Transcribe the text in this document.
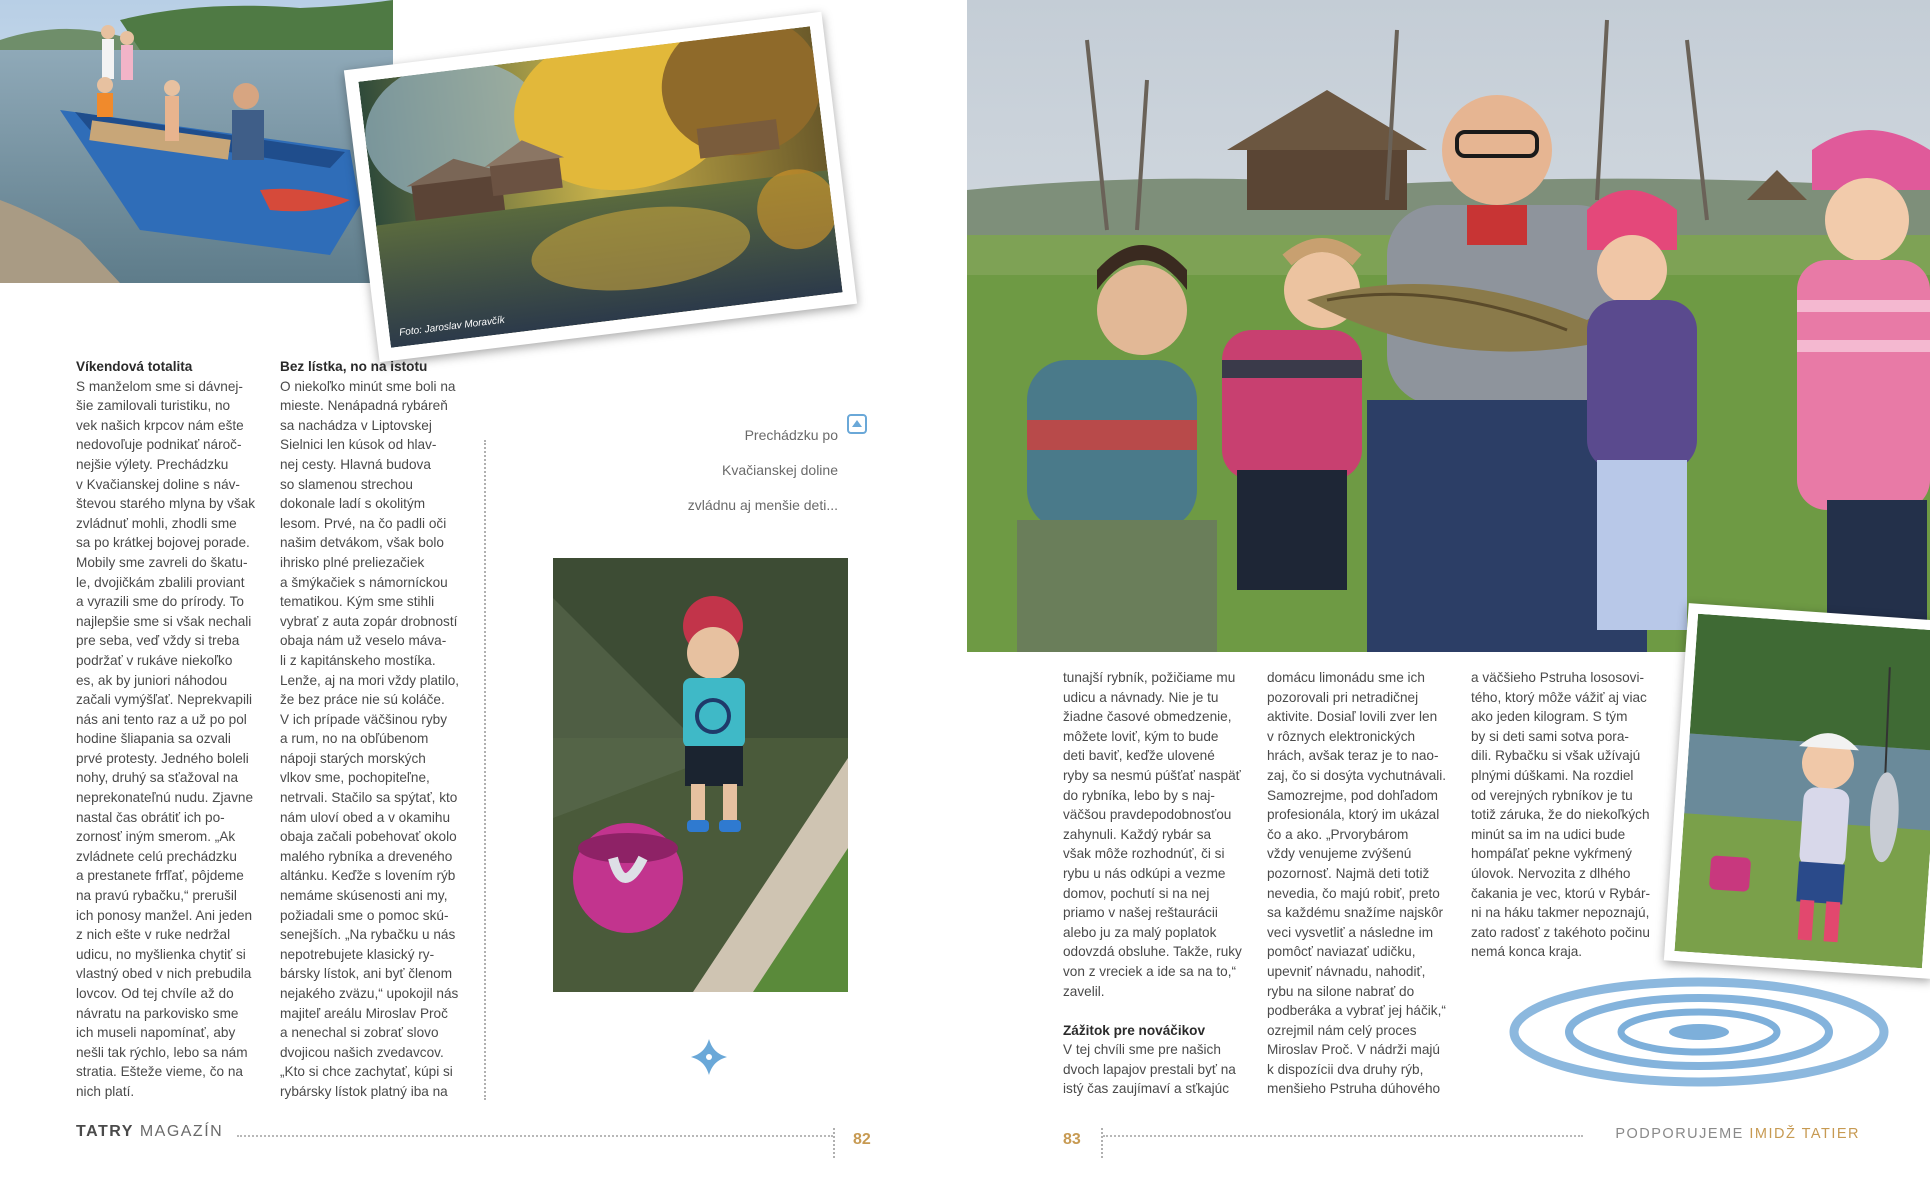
Foto: Jaroslav Moravčík
Víkendová totalita

S manželom sme si dávnej-

šie zamilovali turistiku, no

vek našich krpcov nám ešte

nedovoľuje podnikať nároč-

nejšie výlety. Prechádzku

v Kvačianskej doline s náv-

števou starého mlyna by však

zvládnuť mohli, zhodli sme

sa po krátkej bojovej porade.

Mobily sme zavreli do škatu-

le, dvojičkám zbalili proviant

a vyrazili sme do prírody. To

najlepšie sme si však nechali

pre seba, veď vždy si treba

podržať v rukáve niekoľko

es, ak by juniori náhodou

začali vymýšľať. Neprekvapili

nás ani tento raz a už po pol

hodine šliapania sa ozvali

prvé protesty. Jedného boleli

nohy, druhý sa sťažoval na

neprekonateľnú nudu. Zjavne

nastal čas obrátiť ich po-

zornosť iným smerom. „Ak

zvládnete celú prechádzku

a prestanete frfľať, pôjdeme

na pravú rybačku,“ prerušil

ich ponosy manžel. Ani jeden

z nich ešte v ruke nedržal

udicu, no myšlienka chytiť si

vlastný obed v nich prebudila

lovcov. Od tej chvíle až do

návratu na parkovisko sme

ich museli napomínať, aby

nešli tak rýchlo, lebo sa nám

stratia. Ešteže vieme, čo na

nich platí.

Bez lístka, no na istotu

O niekoľko minút sme boli na

mieste. Nenápadná rybáreň

sa nachádza v Liptovskej

Sielnici len kúsok od hlav-

nej cesty. Hlavná budova

so slamenou strechou

dokonale ladí s okolitým

lesom. Prvé, na čo padli oči

našim detvákom, však bolo

ihrisko plné preliezačiek

a šmýkačiek s námorníckou

tematikou. Kým sme stihli

vybrať z auta zopár drobností

obaja nám už veselo máva-

li z kapitánskeho mostíka.

Lenže, aj na mori vždy platilo,

že bez práce nie sú koláče.

V ich prípade väčšinou ryby

a rum, no na obľúbenom

nápoji starých morských

vlkov sme, pochopiteľne,

netrvali. Stačilo sa spýtať, kto

nám uloví obed a v okamihu

obaja začali pobehovať okolo

malého rybníka a dreveného

altánku. Keďže s lovením rýb

nemáme skúsenosti ani my,

požiadali sme o pomoc skú-

senejších. „Na rybačku u nás

nepotrebujete klasický ry-

bársky lístok, ani byť členom

nejakého zväzu,“ upokojil nás

majiteľ areálu Miroslav Proč

a nenechal si zobrať slovo

dvojicou našich zvedavcov.

„Kto si chce zachytať, kúpi si

rybársky lístok platný iba na

Prechádzku po

Kvačianskej doline

zvládnu aj menšie deti...

tunajší rybník, požičiame mu

udicu a návnady. Nie je tu

žiadne časové obmedzenie,

môžete loviť, kým to bude

deti baviť, keďže ulovené

ryby sa nesmú púšťať naspäť

do rybníka, lebo by s naj-

väčšou pravdepodobnosťou

zahynuli. Každý rybár sa

však môže rozhodnúť, či si

rybu u nás odkúpi a vezme

domov, pochutí si na nej

priamo v našej reštaurácii

alebo ju za malý poplatok

odovzdá obsluhe. Takže, ruky

von z vreciek a ide sa na to,“

zavelil.

Zážitok pre nováčikov

V tej chvíli sme pre našich

dvoch lapajov prestali byť na

istý čas zaujímaví a sťkajúc

domácu limonádu sme ich

pozorovali pri netradičnej

aktivite. Dosiaľ lovili zver len

v rôznych elektronických

hrách, avšak teraz je to nao-

zaj, čo si dosýta vychutnávali.

Samozrejme, pod dohľadom

profesionála, ktorý im ukázal

čo a ako. „Prvorybárom

vždy venujeme zvýšenú

pozornosť. Najmä deti totiž

nevedia, čo majú robiť, preto

sa každému snažíme najskôr

veci vysvetliť a následne im

pomôcť naviazať udičku,

upevniť návnadu, nahodiť,

rybu na silone nabrať do

podberáka a vybrať jej háčik,“

ozrejmil nám celý proces

Miroslav Proč. V nádrži majú

k dispozícii dva druhy rýb,

menšieho Pstruha dúhového

a väčšieho Pstruha lososovi-

tého, ktorý môže vážiť aj viac

ako jeden kilogram. S tým

by si deti sami sotva pora-

dili. Rybačku si však užívajú

plnými dúškami. Na rozdiel

od verejných rybníkov je tu

totiž záruka, že do niekoľkých

minút sa im na udici bude

hompáľať pekne vykŕmený

úlovok. Nervozita z dlhého

čakania je vec, ktorú v Rybár-

ni na háku takmer nepoznajú,

zato radosť z takéhoto počinu

nemá konca kraja.

TATRY MAGAZÍN	82	83	PODPORUJEME IMIDŽ TATIER
